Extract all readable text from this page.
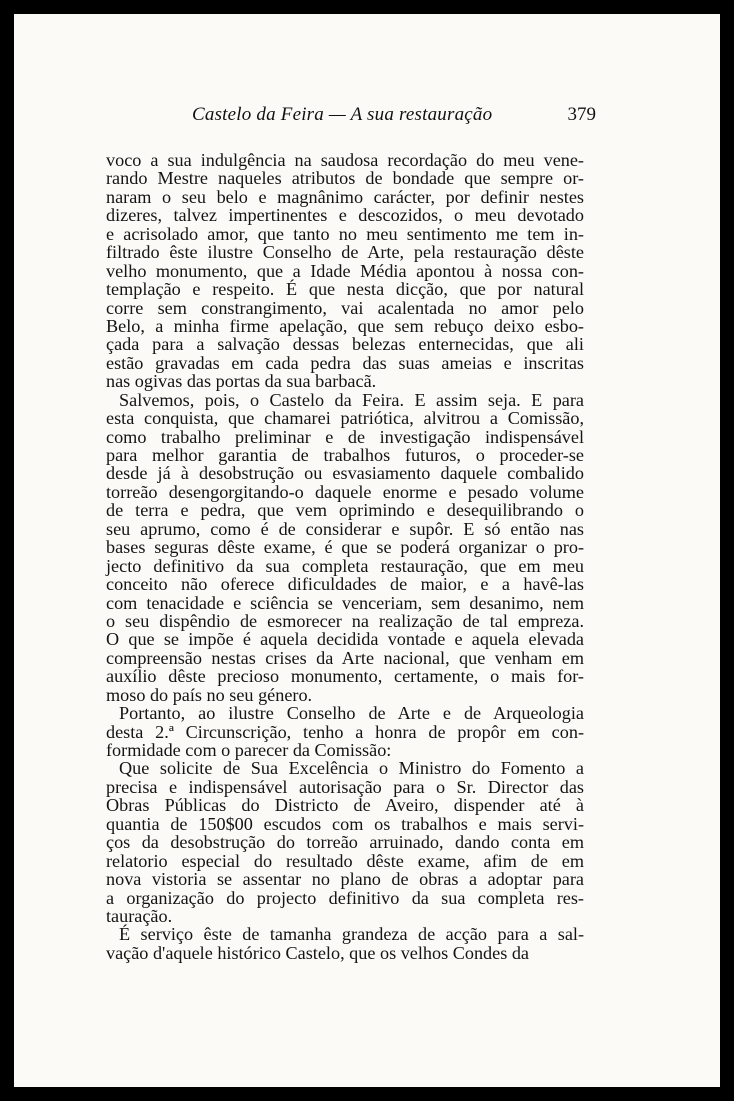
Castelo da Feira — A sua restauração	379
voco a sua indulgência na saudosa recordação do meu vene-
rando Mestre naqueles atributos de bondade que sempre or-
naram o seu belo e magnânimo carácter, por definir nestes
dizeres, talvez impertinentes e descozidos, o meu devotado
e acrisolado amor, que tanto no meu sentimento me tem in-
filtrado êste ilustre Conselho de Arte, pela restauração dêste
velho monumento, que a Idade Média apontou à nossa con-
templação e respeito. É que nesta dicção, que por natural
corre sem constrangimento, vai acalentada no amor pelo
Belo, a minha firme apelação, que sem rebuço deixo esbo-
çada para a salvação dessas belezas enternecidas, que ali
estão gravadas em cada pedra das suas ameias e inscritas
nas ogivas das portas da sua barbacã.
Salvemos, pois, o Castelo da Feira. E assim seja. E para
esta conquista, que chamarei patriótica, alvitrou a Comissão,
como trabalho preliminar e de investigação indispensável
para melhor garantia de trabalhos futuros, o proceder-se
desde já à desobstrução ou esvasiamento daquele combalido
torreão desengorgitando-o daquele enorme e pesado volume
de terra e pedra, que vem oprimindo e desequilibrando o
seu aprumo, como é de considerar e supôr. E só então nas
bases seguras dêste exame, é que se poderá organizar o pro-
jecto definitivo da sua completa restauração, que em meu
conceito não oferece dificuldades de maior, e a havê-las
com tenacidade e sciência se venceriam, sem desanimo, nem
o seu dispêndio de esmorecer na realização de tal empreza.
O que se impõe é aquela decidida vontade e aquela elevada
compreensão nestas crises da Arte nacional, que venham em
auxílio dêste precioso monumento, certamente, o mais for-
moso do país no seu género.
Portanto, ao ilustre Conselho de Arte e de Arqueologia
desta 2.ª Circunscrição, tenho a honra de propôr em con-
formidade com o parecer da Comissão:
Que solicite de Sua Excelência o Ministro do Fomento a
precisa e indispensável autorisação para o Sr. Director das
Obras Públicas do Districto de Aveiro, dispender até à
quantia de 150$00 escudos com os trabalhos e mais servi-
ços da desobstrução do torreão arruinado, dando conta em
relatorio especial do resultado dêste exame, afim de em
nova vistoria se assentar no plano de obras a adoptar para
a organização do projecto definitivo da sua completa res-
tauração.
É serviço êste de tamanha grandeza de acção para a sal-
vação d'aquele histórico Castelo, que os velhos Condes da
